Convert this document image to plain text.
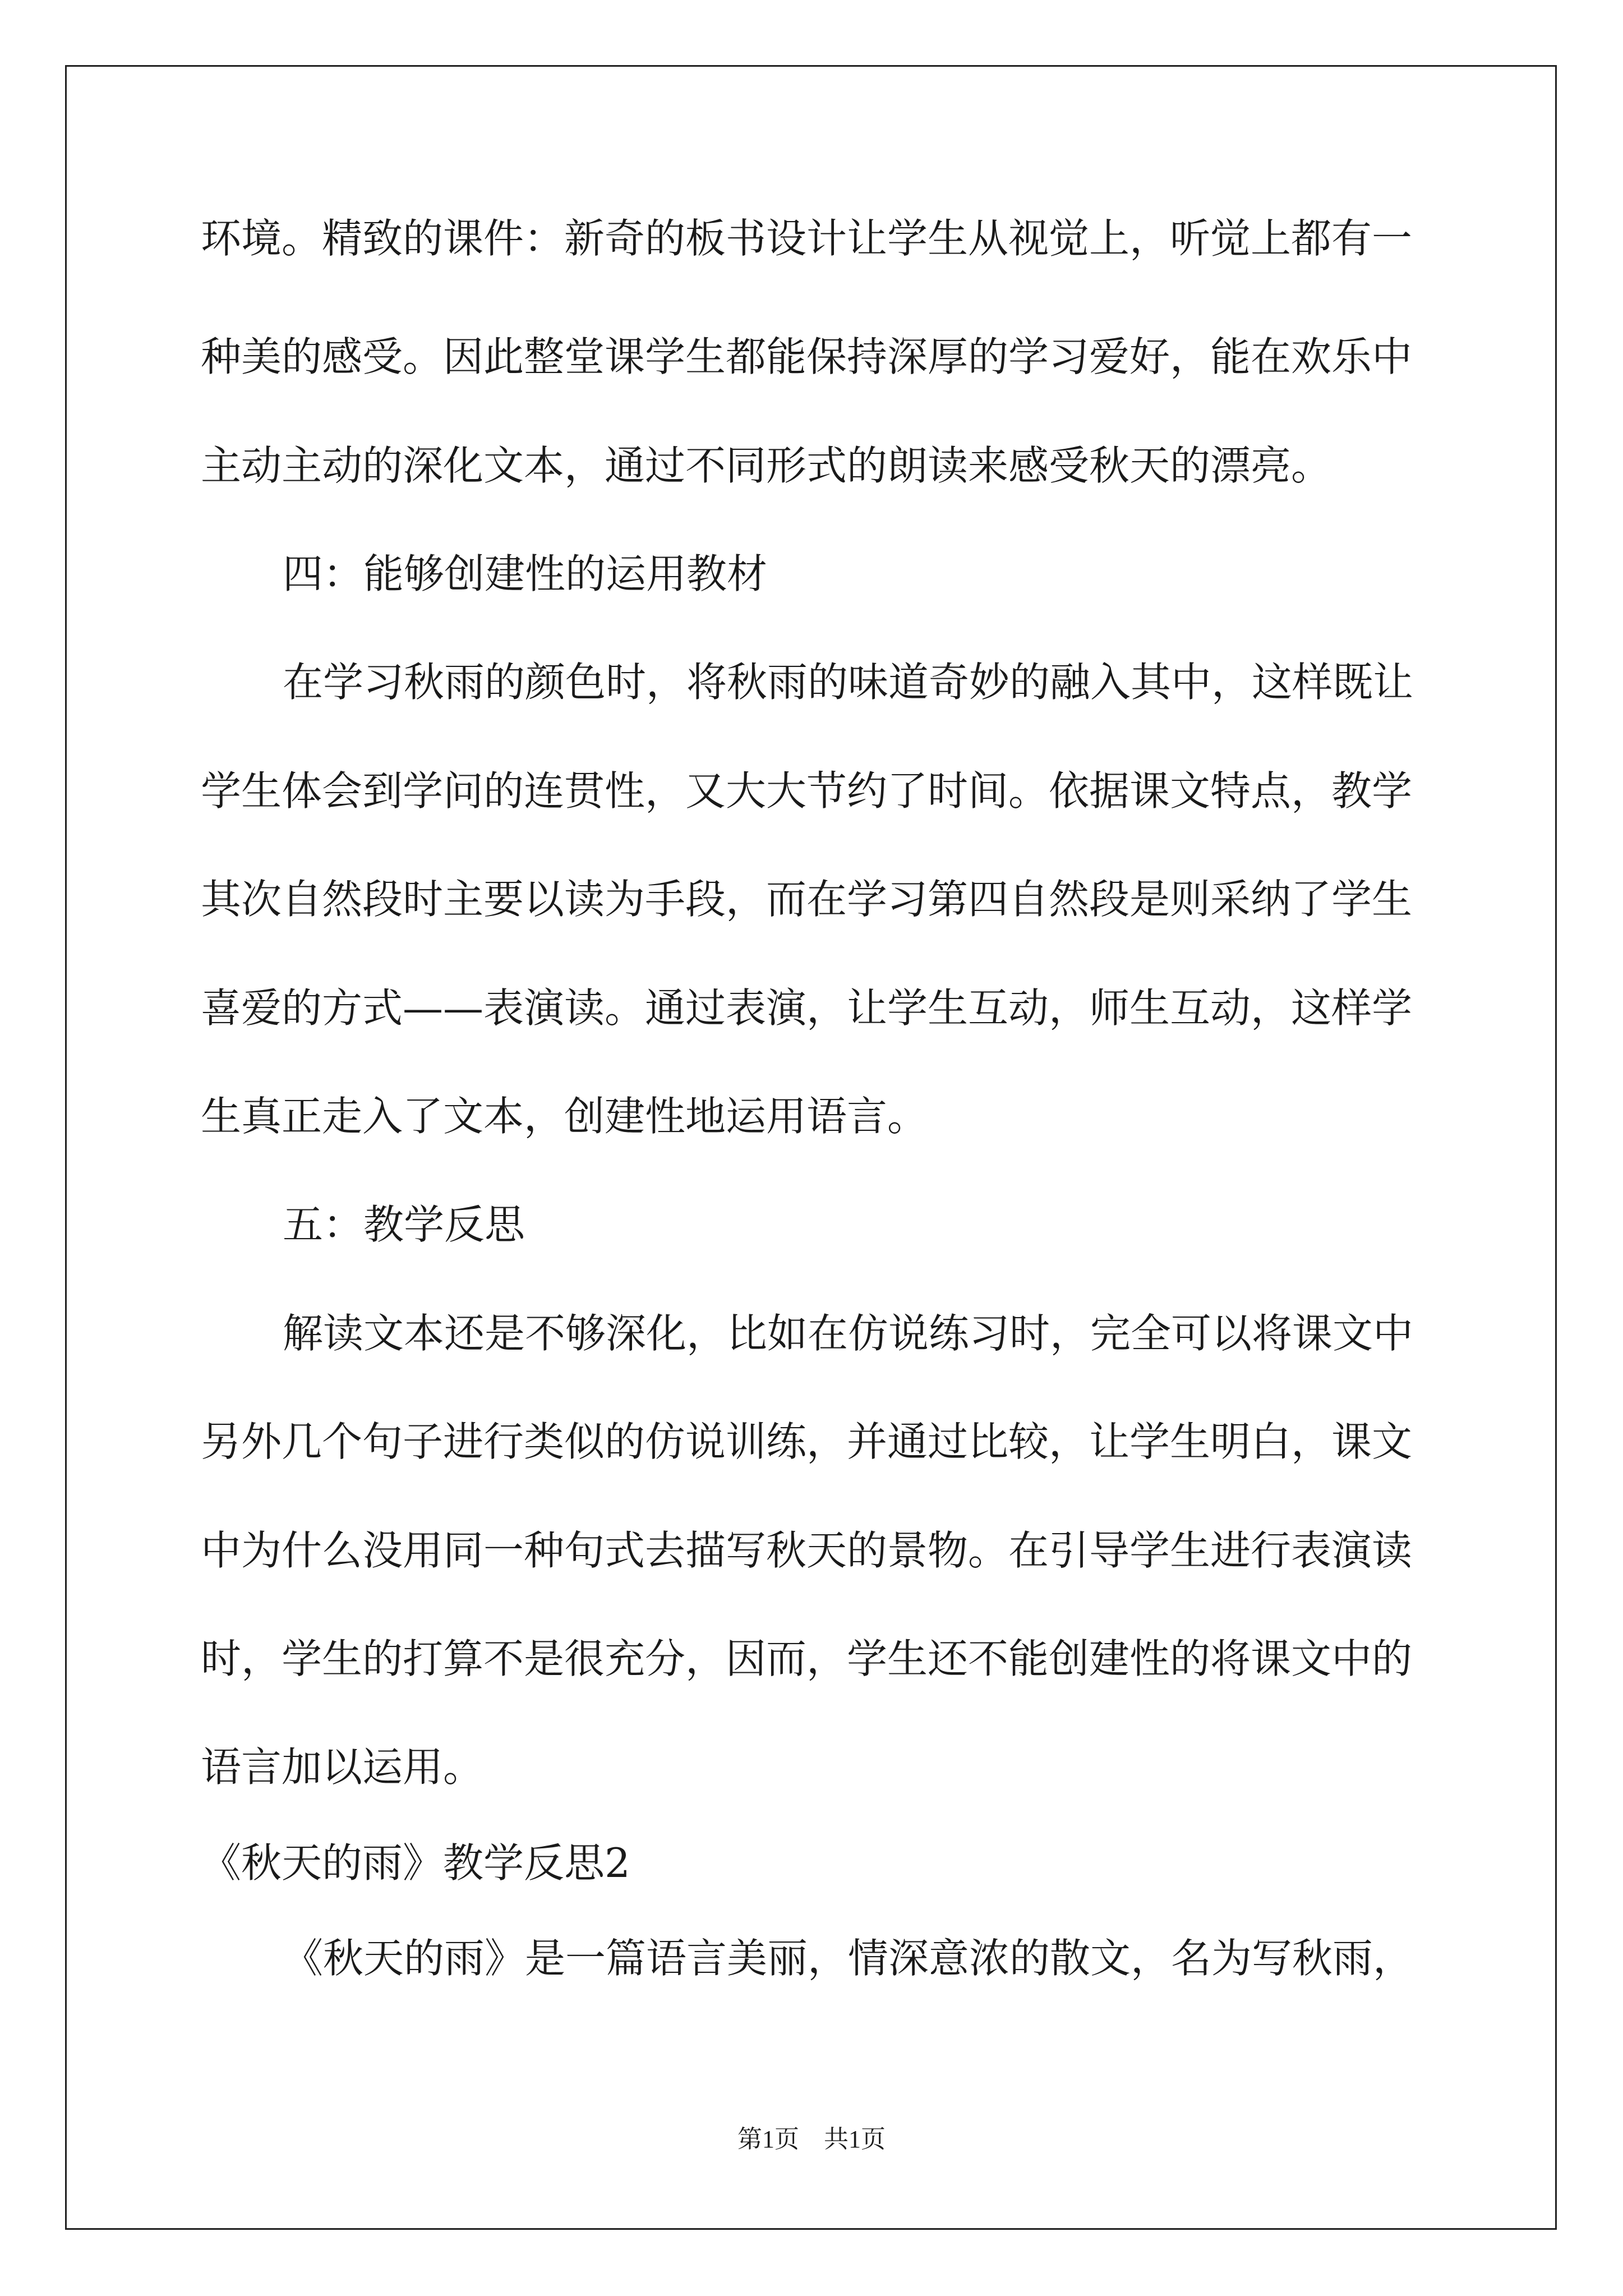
环境。精致的课件：新奇的板书设计让学生从视觉上，听觉上都有一
种美的感受。因此整堂课学生都能保持深厚的学习爱好，能在欢乐中
主动主动的深化文本，通过不同形式的朗读来感受秋天的漂亮。
四：能够创建性的运用教材
在学习秋雨的颜色时，将秋雨的味道奇妙的融入其中，这样既让
学生体会到学问的连贯性，又大大节约了时间。依据课文特点，教学
其次自然段时主要以读为手段，而在学习第四自然段是则采纳了学生
喜爱的方式——表演读。通过表演，让学生互动，师生互动，这样学
生真正走入了文本，创建性地运用语言。
五：教学反思
解读文本还是不够深化，比如在仿说练习时，完全可以将课文中
另外几个句子进行类似的仿说训练，并通过比较，让学生明白，课文
中为什么没用同一种句式去描写秋天的景物。在引导学生进行表演读
时，学生的打算不是很充分，因而，学生还不能创建性的将课文中的
语言加以运用。
《秋天的雨》教学反思2
《秋天的雨》是一篇语言美丽，情深意浓的散文，名为写秋雨，
第1页　共1页
